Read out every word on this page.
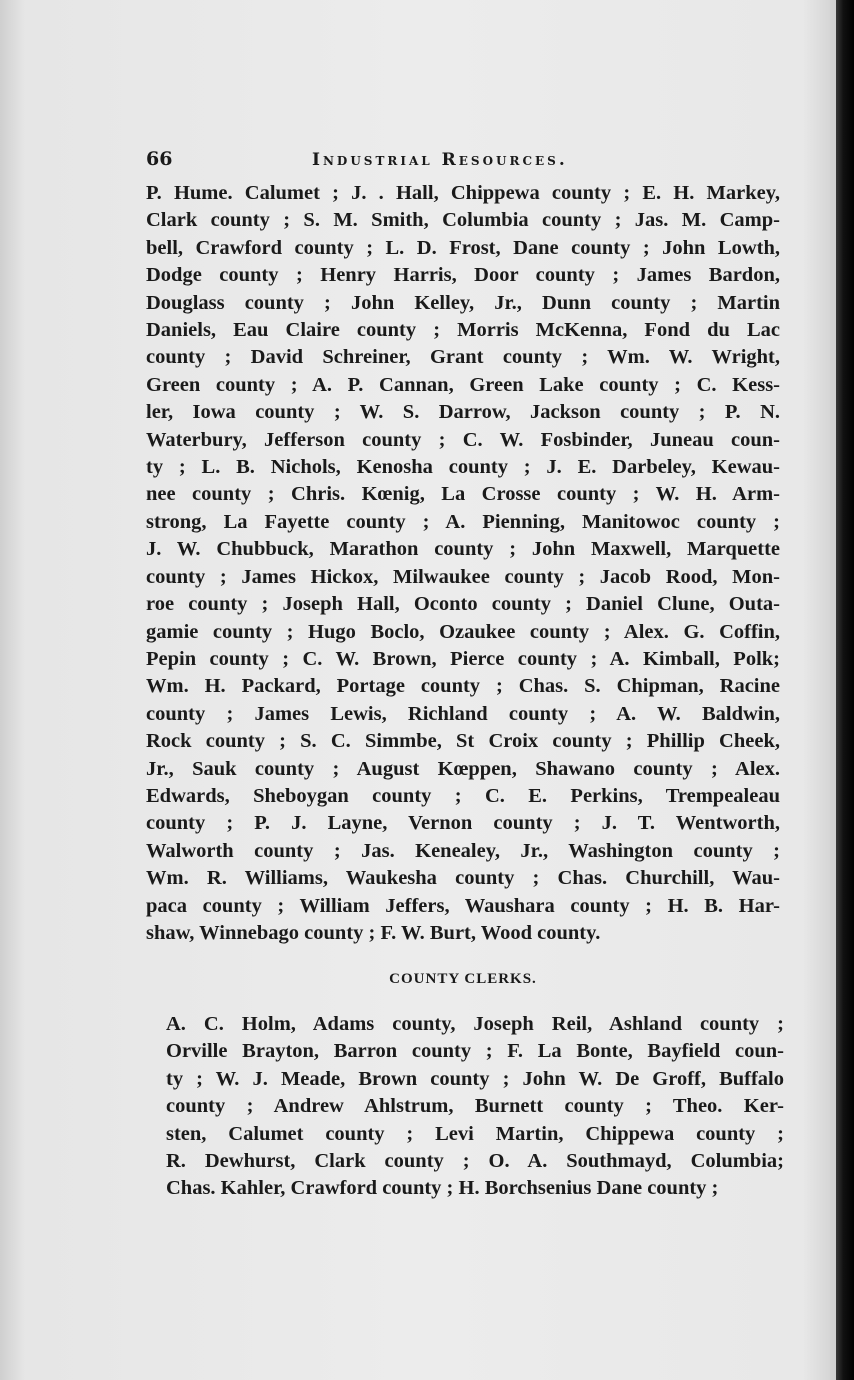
66	Industrial Resources.
P. Hume. Calumet ; J. . Hall, Chippewa county ; E. H. Markey,
Clark county ; S. M. Smith, Columbia county ; Jas. M. Camp-
bell, Crawford county ; L. D. Frost, Dane county ; John Lowth,
Dodge county ; Henry Harris, Door county ; James Bardon,
Douglass county ; John Kelley, Jr., Dunn county ; Martin
Daniels, Eau Claire county ; Morris McKenna, Fond du Lac
county ; David Schreiner, Grant county ; Wm. W. Wright,
Green county ; A. P. Cannan, Green Lake county ; C. Kess-
ler, Iowa county ; W. S. Darrow, Jackson county ; P. N.
Waterbury, Jefferson county ; C. W. Fosbinder, Juneau coun-
ty ; L. B. Nichols, Kenosha county ; J. E. Darbeley, Kewau-
nee county ; Chris. Kœnig, La Crosse county ; W. H. Arm-
strong, La Fayette county ; A. Pienning, Manitowoc county ;
J. W. Chubbuck, Marathon county ; John Maxwell, Marquette
county ; James Hickox, Milwaukee county ; Jacob Rood, Mon-
roe county ; Joseph Hall, Oconto county ; Daniel Clune, Outa-
gamie county ; Hugo Boclo, Ozaukee county ; Alex. G. Coffin,
Pepin county ; C. W. Brown, Pierce county ; A. Kimball, Polk;
Wm. H. Packard, Portage county ; Chas. S. Chipman, Racine
county ; James Lewis, Richland county ; A. W. Baldwin,
Rock county ; S. C. Simmbe, St Croix county ; Phillip Cheek,
Jr., Sauk county ; August Kœppen, Shawano county ; Alex.
Edwards, Sheboygan county ; C. E. Perkins, Trempealeau
county ; P. J. Layne, Vernon county ; J. T. Wentworth,
Walworth county ; Jas. Kenealey, Jr., Washington county ;
Wm. R. Williams, Waukesha county ; Chas. Churchill, Wau-
paca county ; William Jeffers, Waushara county ; H. B. Har-
shaw, Winnebago county ; F. W. Burt, Wood county.
COUNTY CLERKS.
A. C. Holm, Adams county, Joseph Reil, Ashland county ;
Orville Brayton, Barron county ; F. La Bonte, Bayfield coun-
ty ; W. J. Meade, Brown county ; John W. De Groff, Buffalo
county ; Andrew Ahlstrum, Burnett county ; Theo. Ker-
sten, Calumet county ; Levi Martin, Chippewa county ;
R. Dewhurst, Clark county ; O. A. Southmayd, Columbia;
Chas. Kahler, Crawford county ; H. Borchsenius Dane county ;
